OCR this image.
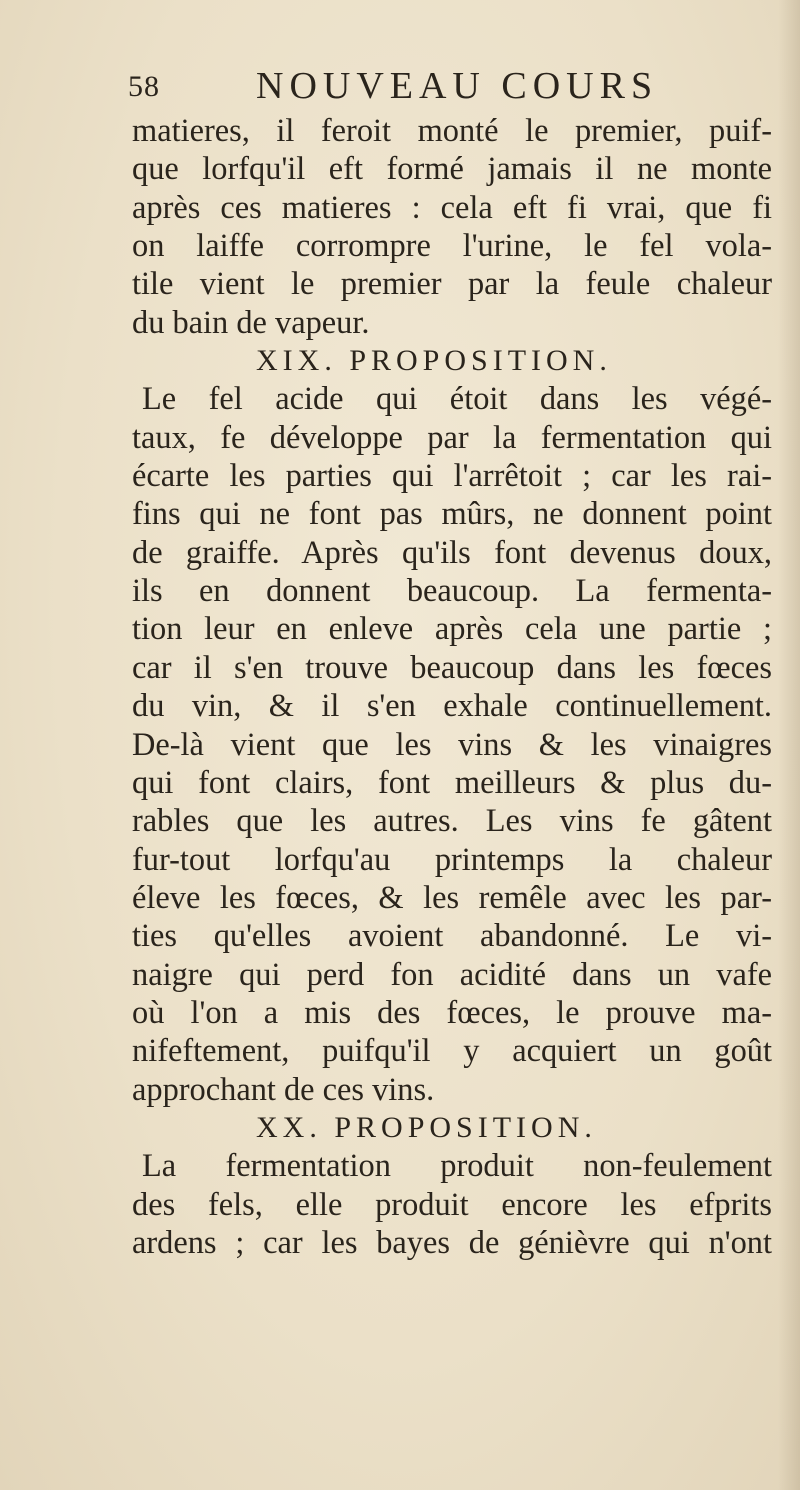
58	NOUVEAU COURS
matieres, il feroit monté le premier, puif-
que lorfqu'il eft formé jamais il ne monte
après ces matieres : cela eft fi vrai, que fi
on laiffe corrompre l'urine, le fel vola-
tile vient le premier par la feule chaleur
du bain de vapeur.
XIX. PROPOSITION.
Le fel acide qui étoit dans les végé-
taux, fe développe par la fermentation qui
écarte les parties qui l'arrêtoit ; car les rai-
fins qui ne font pas mûrs, ne donnent point
de graiffe. Après qu'ils font devenus doux,
ils en donnent beaucoup. La fermenta-
tion leur en enleve après cela une partie ;
car il s'en trouve beaucoup dans les fœces
du vin, & il s'en exhale continuellement.
De-là vient que les vins & les vinaigres
qui font clairs, font meilleurs & plus du-
rables que les autres. Les vins fe gâtent
fur-tout lorfqu'au printemps la chaleur
éleve les fœces, & les remêle avec les par-
ties qu'elles avoient abandonné. Le vi-
naigre qui perd fon acidité dans un vafe
où l'on a mis des fœces, le prouve ma-
nifeftement, puifqu'il y acquiert un goût
approchant de ces vins.
XX. PROPOSITION.
La fermentation produit non-feulement
des fels, elle produit encore les efprits
ardens ; car les bayes de génièvre qui n'ont
